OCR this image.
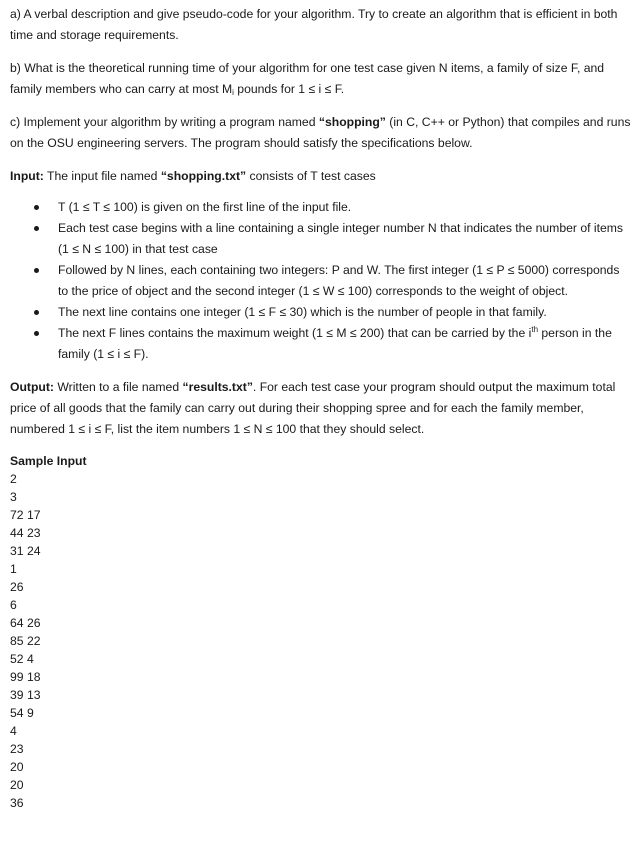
a) A verbal description and give pseudo-code for your algorithm. Try to create an algorithm that is efficient in both time and storage requirements.

b) What is the theoretical running time of your algorithm for one test case given N items, a family of size F, and family members who can carry at most $M_i$ pounds for 1 ≤ i ≤ F.

c) Implement your algorithm by writing a program named “shopping” (in C, C++ or Python) that compiles and runs on the OSU engineering servers. The program should satisfy the specifications below.

Input: The input file named “shopping.txt” consists of T test cases

T (1 ≤ T ≤ 100) is given on the first line of the input file.
Each test case begins with a line containing a single integer number N that indicates the number of items (1 ≤ N ≤ 100) in that test case
Followed by N lines, each containing two integers: P and W. The first integer (1 ≤ P ≤ 5000) corresponds to the price of object and the second integer (1 ≤ W ≤ 100) corresponds to the weight of object.
The next line contains one integer (1 ≤ F ≤ 30) which is the number of people in that family.
The next F lines contains the maximum weight (1 ≤ M ≤ 200) that can be carried by the $i^{th}$ person in the family (1 ≤ i ≤ F).

Output: Written to a file named “results.txt”. For each test case your program should output the maximum total price of all goods that the family can carry out during their shopping spree and for each the family member, numbered 1 ≤ i ≤ F, list the item numbers 1 ≤ N ≤ 100 that they should select.

Sample Input

2

3

72 17

44 23

31 24

1

26

6

64 26

85 22

52 4

99 18

39 13

54 9

4

23

20

20

36
